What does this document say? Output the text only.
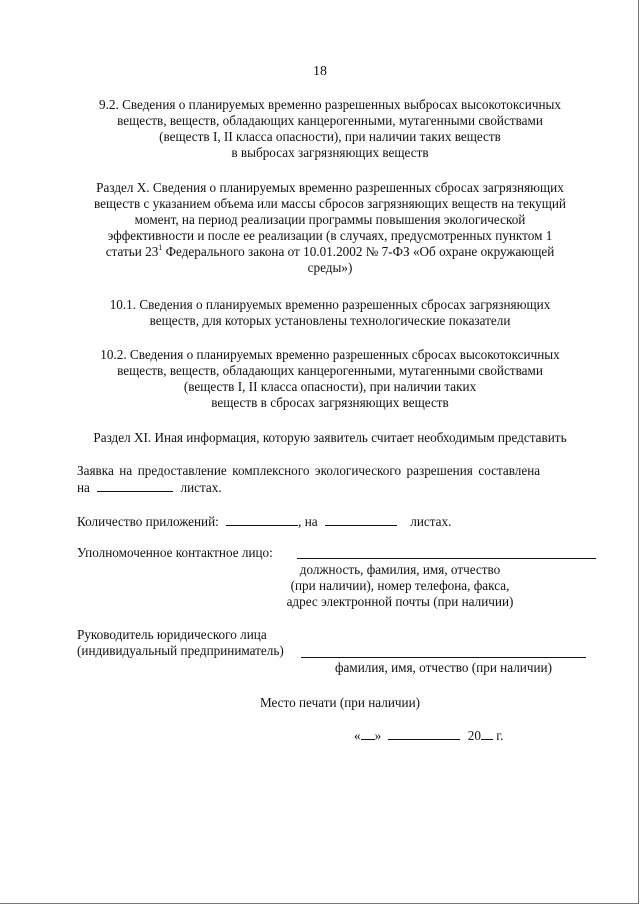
18
9.2. Сведения о планируемых временно разрешенных выбросах высокотоксичных
веществ, веществ, обладающих канцерогенными, мутагенными свойствами
(веществ I, II класса опасности), при наличии таких веществ
в выбросах загрязняющих веществ
Раздел X. Сведения о планируемых временно разрешенных сбросах загрязняющих
веществ с указанием объема или массы сбросов загрязняющих веществ на текущий
момент, на период реализации программы повышения экологической
эффективности и после ее реализации (в случаях, предусмотренных пунктом 1
статьи $23^1$ Федерального закона от 10.01.2002 № 7-ФЗ «Об охране окружающей
среды»)
10.1. Сведения о планируемых временно разрешенных сбросах загрязняющих
веществ, для которых установлены технологические показатели
10.2. Сведения о планируемых временно разрешенных сбросах высокотоксичных
веществ, веществ, обладающих канцерогенными, мутагенными свойствами
(веществ I, II класса опасности), при наличии таких
веществ в сбросах загрязняющих веществ
Раздел XI. Иная информация, которую заявитель считает необходимым представить
Заявка на предоставление комплексного экологического разрешения составлена
на	листах.
Количество приложений:	, на	листах.
Уполномоченное контактное лицо:
должность, фамилия, имя, отчество
(при наличии), номер телефона, факса,
адрес электронной почты (при наличии)
Руководитель юридического лица
(индивидуальный предприниматель)
фамилия, имя, отчество (при наличии)
Место печати (при наличии)
« »	20 г.
